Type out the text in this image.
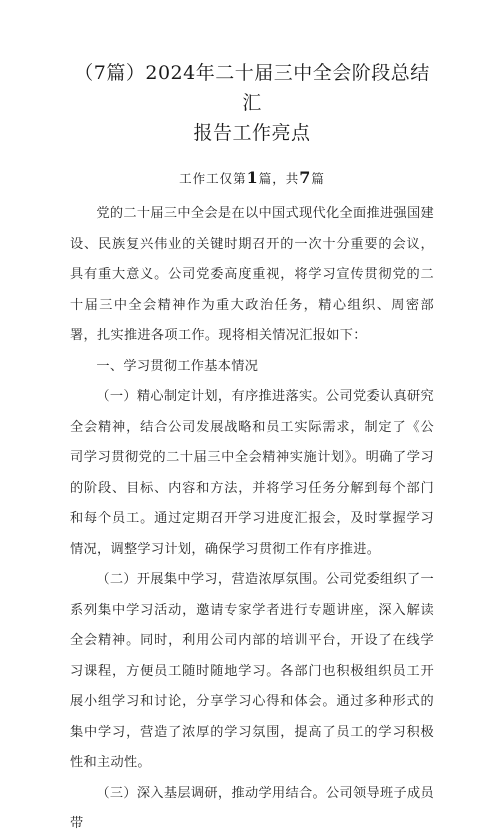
（7篇）2024年二十届三中全会阶段总结汇
报告工作亮点
工作工仅第1篇，共7篇

党的二十届三中全会是在以中国式现代化全面推进强国建设、民族复兴伟业的关键时期召开的一次十分重要的会议，具有重大意义。公司党委高度重视，将学习宣传贯彻党的二十届三中全会精神作为重大政治任务，精心组织、周密部署，扎实推进各项工作。现将相关情况汇报如下：

一、学习贯彻工作基本情况

（一）精心制定计划，有序推进落实。公司党委认真研究全会精神，结合公司发展战略和员工实际需求，制定了《公司学习贯彻党的二十届三中全会精神实施计划》。明确了学习的阶段、目标、内容和方法，并将学习任务分解到每个部门和每个员工。通过定期召开学习进度汇报会，及时掌握学习情况，调整学习计划，确保学习贯彻工作有序推进。

（二）开展集中学习，营造浓厚氛围。公司党委组织了一系列集中学习活动，邀请专家学者进行专题讲座，深入解读全会精神。同时，利用公司内部的培训平台，开设了在线学习课程，方便员工随时随地学习。各部门也积极组织员工开展小组学习和讨论，分享学习心得和体会。通过多种形式的集中学习，营造了浓厚的学习氛围，提高了员工的学习积极性和主动性。

（三）深入基层调研，推动学用结合。公司领导班子成员带
